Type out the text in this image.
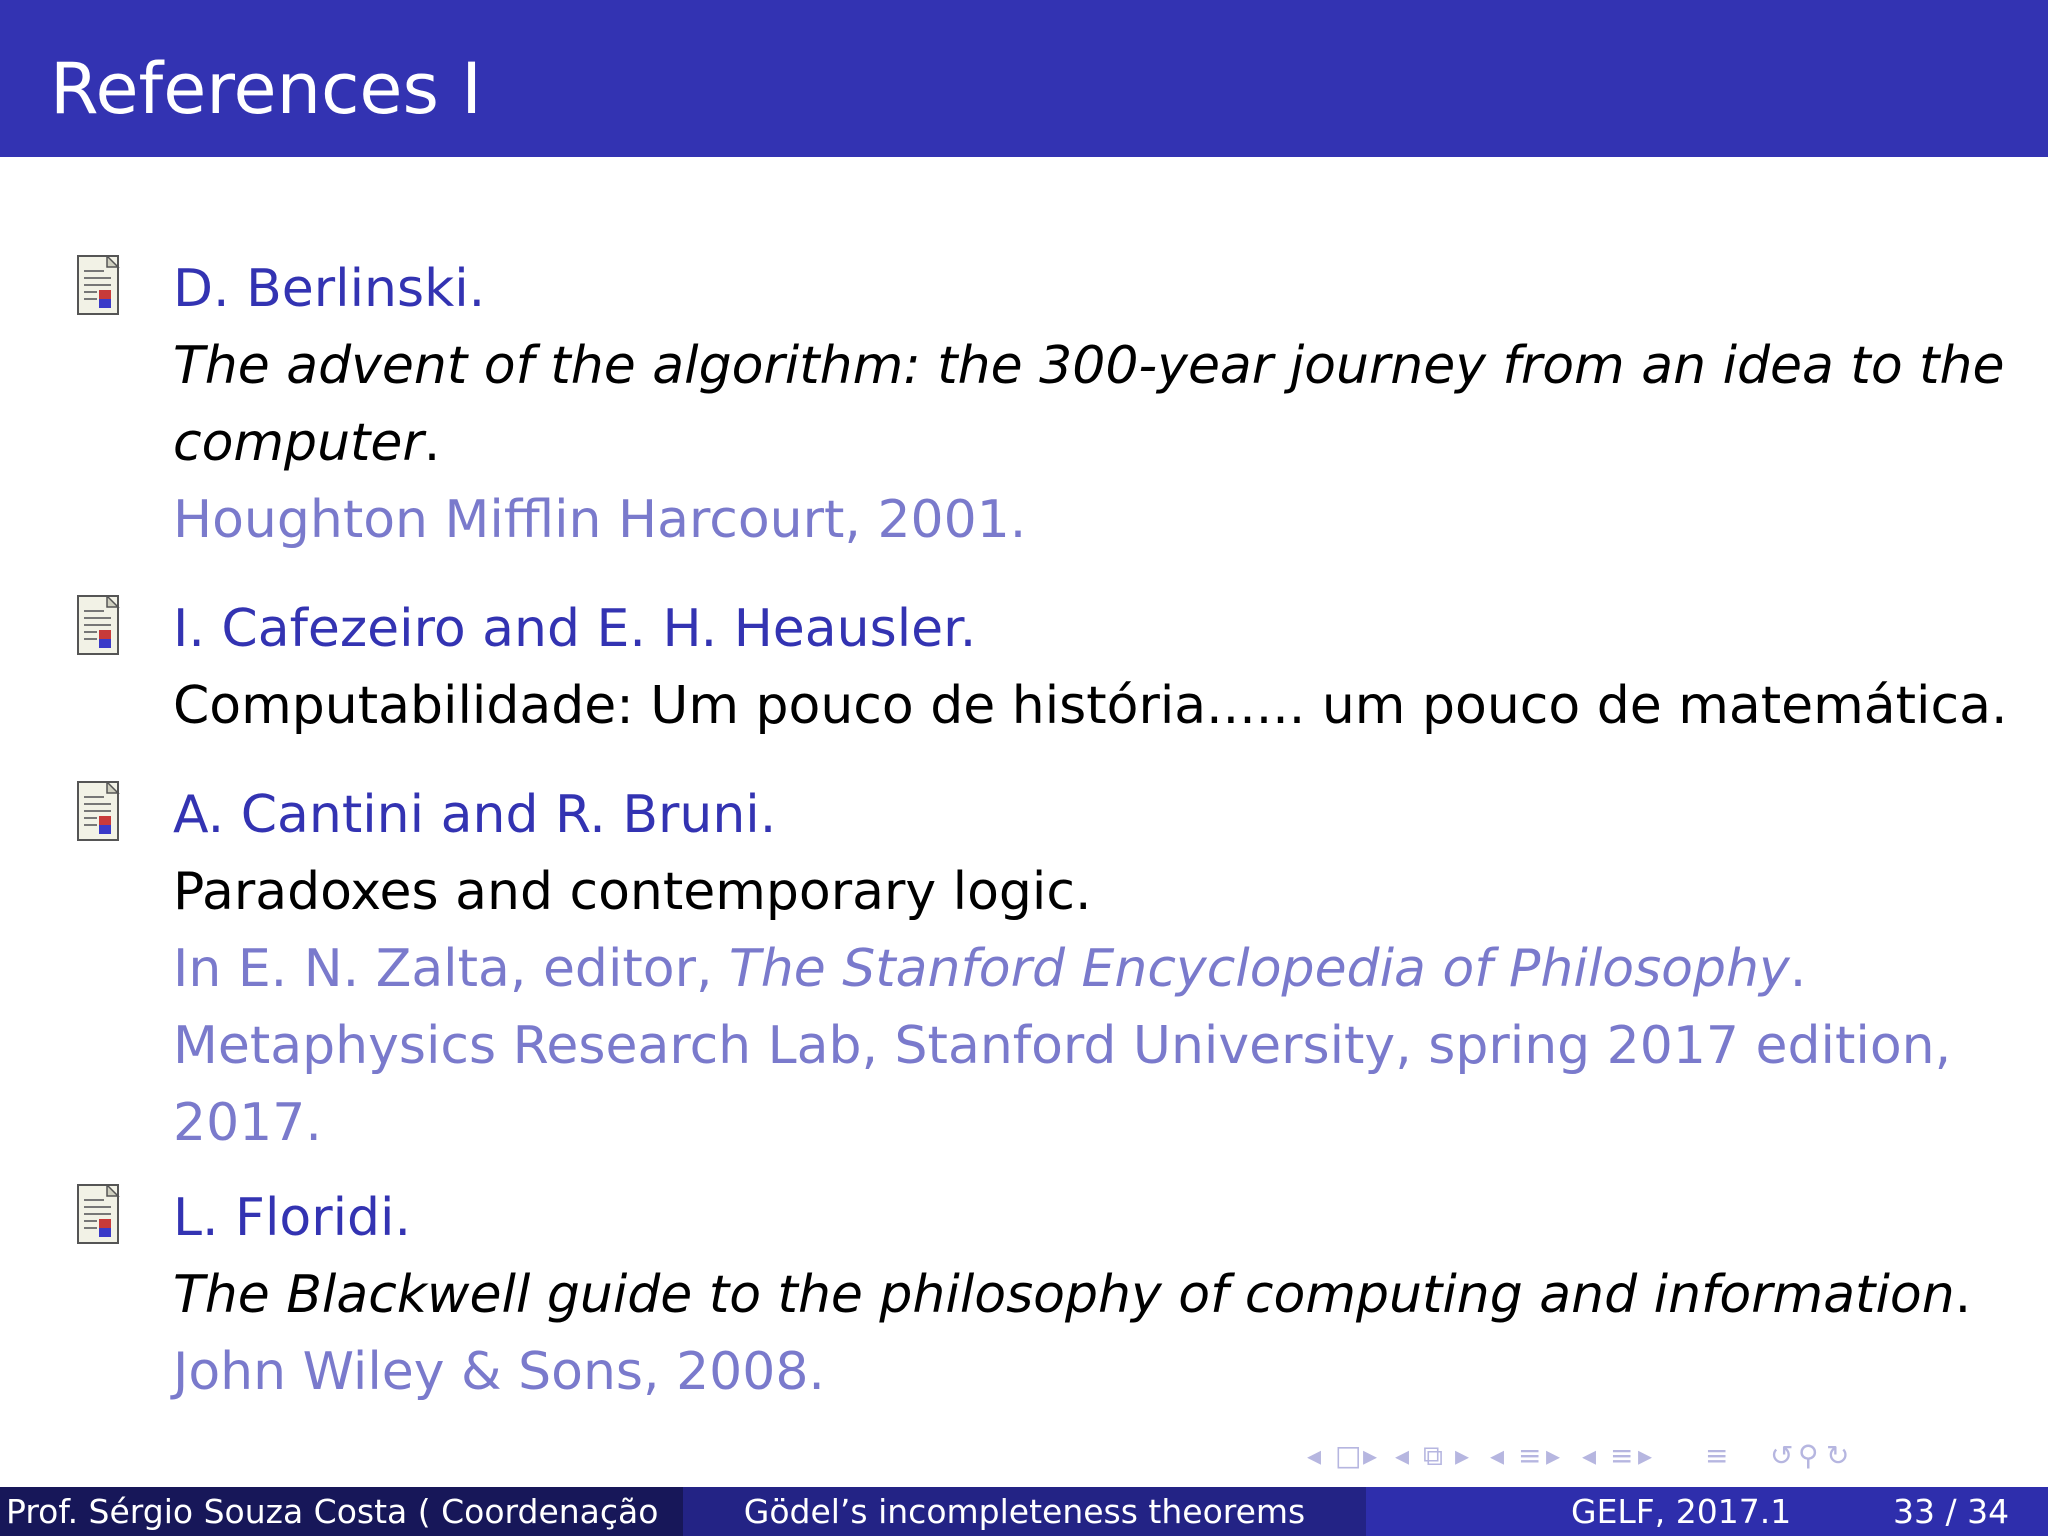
References I
D. Berlinski.
The advent of the algorithm: the 300-year journey from an idea to the
computer.
Houghton Mifflin Harcourt, 2001.
I. Cafezeiro and E. H. Heausler.
Computabilidade: Um pouco de história...... um pouco de matemática.
A. Cantini and R. Bruni.
Paradoxes and contemporary logic.
In E. N. Zalta, editor, The Stanford Encyclopedia of Philosophy.
Metaphysics Research Lab, Stanford University, spring 2017 edition,
2017.
L. Floridi.
The Blackwell guide to the philosophy of computing and information.
John Wiley & Sons, 2008.
◂ □ ▸ ◂ ⧉ ▸ ◂ ≡ ▸ ◂ ≡ ▸ ≡ ↺ ⚲ ↻
Prof. Sérgio Souza Costa ( Coordenação	Gödel’s incompleteness theorems	GELF, 2017.1	33 / 34
